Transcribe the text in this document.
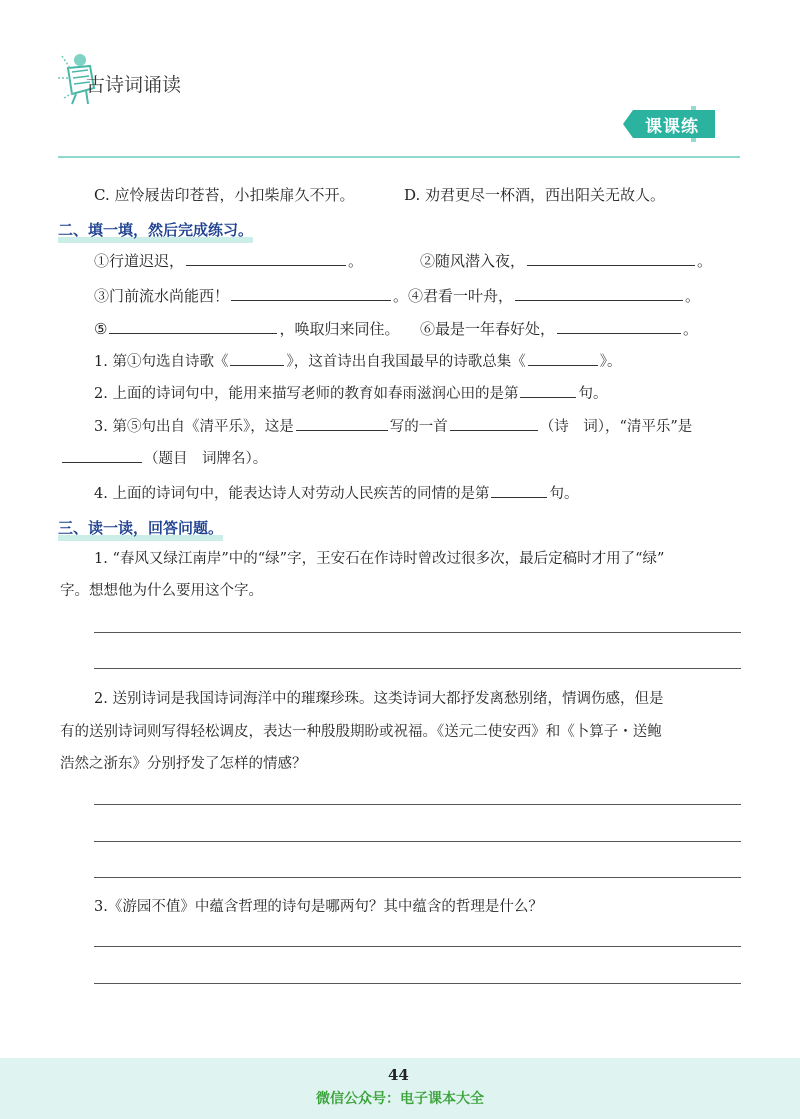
古诗词诵读
课课练
C. 应怜屐齿印苍苔，小扣柴扉久不开。	D. 劝君更尽一杯酒，西出阳关无故人。
二、填一填，然后完成练习。
①行道迟迟，	。	②随风潜入夜，	。
③门前流水尚能西！	。④君看一叶舟，	。
⑤	，唤取归来同住。 ⑥最是一年春好处，	。
1. 第①句选自诗歌《	》，这首诗出自我国最早的诗歌总集《	》。
2. 上面的诗词句中，能用来描写老师的教育如春雨滋润心田的是第	句。
3. 第⑤句出自《清平乐》，这是	写的一首	（诗　词），“清平乐”是
（题目　词牌名）。
4. 上面的诗词句中，能表达诗人对劳动人民疾苦的同情的是第	句。
三、读一读，回答问题。
1. “春风又绿江南岸”中的“绿”字，王安石在作诗时曾改过很多次，最后定稿时才用了“绿”
字。想想他为什么要用这个字。
2. 送别诗词是我国诗词海洋中的璀璨珍珠。这类诗词大都抒发离愁别绪，情调伤感，但是
有的送别诗词则写得轻松调皮，表达一种殷殷期盼或祝福。《送元二使安西》和《卜算子・送鲍
浩然之浙东》分别抒发了怎样的情感？
3.《游园不值》中蕴含哲理的诗句是哪两句？其中蕴含的哲理是什么？
44
微信公众号：电子课本大全
